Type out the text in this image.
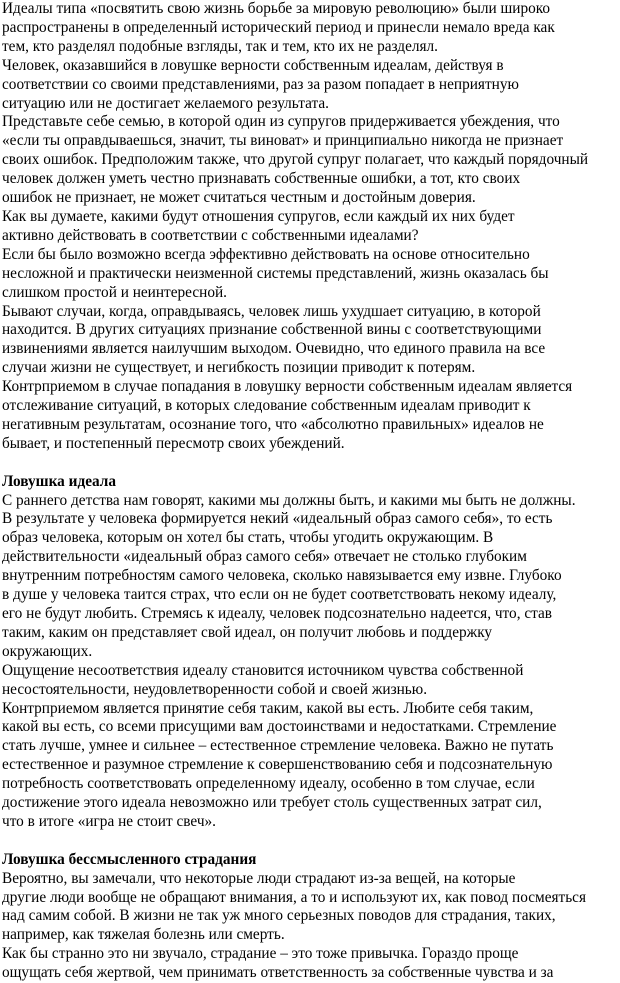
Идеалы типа «посвятить свою жизнь борьбе за мировую революцию» были широко
распространены в определенный исторический период и принесли немало вреда как
тем, кто разделял подобные взгляды, так и тем, кто их не разделял.

Человек, оказавшийся в ловушке верности собственным идеалам, действуя в
соответствии со своими представлениями, раз за разом попадает в неприятную
ситуацию или не достигает желаемого результата.

Представьте себе семью, в которой один из супругов придерживается убеждения, что
«если ты оправдываешься, значит, ты виноват» и принципиально никогда не признает
своих ошибок. Предположим также, что другой супруг полагает, что каждый порядочный
человек должен уметь честно признавать собственные ошибки, а тот, кто своих
ошибок не признает, не может считаться честным и достойным доверия.

Как вы думаете, какими будут отношения супругов, если каждый их них будет
активно действовать в соответствии с собственными идеалами?

Если бы было возможно всегда эффективно действовать на основе относительно
несложной и практически неизменной системы представлений, жизнь оказалась бы
слишком простой и неинтересной.

Бывают случаи, когда, оправдываясь, человек лишь ухудшает ситуацию, в которой
находится. В других ситуациях признание собственной вины с соответствующими
извинениями является наилучшим выходом. Очевидно, что единого правила на все
случаи жизни не существует, и негибкость позиции приводит к потерям.

Контрприемом в случае попадания в ловушку верности собственным идеалам является
отслеживание ситуаций, в которых следование собственным идеалам приводит к
негативным результатам, осознание того, что «абсолютно правильных» идеалов не
бывает, и постепенный пересмотр своих убеждений.

Ловушка идеала

С раннего детства нам говорят, какими мы должны быть, и какими мы быть не должны.
В результате у человека формируется некий «идеальный образ самого себя», то есть
образ человека, которым он хотел бы стать, чтобы угодить окружающим. В
действительности «идеальный образ самого себя» отвечает не столько глубоким
внутренним потребностям самого человека, сколько навязывается ему извне. Глубоко
в душе у человека таится страх, что если он не будет соответствовать некому идеалу,
его не будут любить. Стремясь к идеалу, человек подсознательно надеется, что, став
таким, каким он представляет свой идеал, он получит любовь и поддержку
окружающих.

Ощущение несоответствия идеалу становится источником чувства собственной
несостоятельности, неудовлетворенности собой и своей жизнью.

Контрприемом является принятие себя таким, какой вы есть. Любите себя таким,
какой вы есть, со всеми присущими вам достоинствами и недостатками. Стремление
стать лучше, умнее и сильнее – естественное стремление человека. Важно не путать
естественное и разумное стремление к совершенствованию себя и подсознательную
потребность соответствовать определенному идеалу, особенно в том случае, если
достижение этого идеала невозможно или требует столь существенных затрат сил,
что в итоге «игра не стоит свеч».

Ловушка бессмысленного страдания

Вероятно, вы замечали, что некоторые люди страдают из-за вещей, на которые
другие люди вообще не обращают внимания, а то и используют их, как повод посмеяться
над самим собой. В жизни не так уж много серьезных поводов для страдания, таких,
например, как тяжелая болезнь или смерть.

Как бы странно это ни звучало, страдание – это тоже привычка. Гораздо проще
ощущать себя жертвой, чем принимать ответственность за собственные чувства и за
